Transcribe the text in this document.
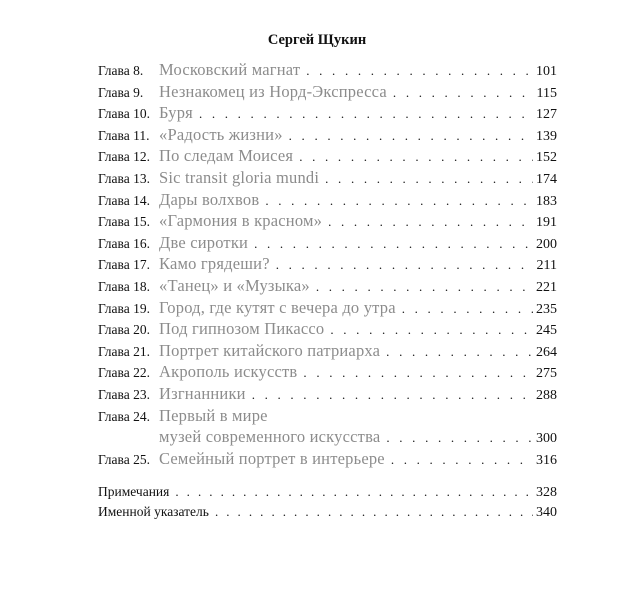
Сергей Щукин
Глава 8. Московский магнат . . .	101
Глава 9. Незнакомец из Норд-Экспресса . . .	115
Глава 10. Буря . . .	127
Глава 11. «Радость жизни» . . .	139
Глава 12. По следам Моисея . . .	152
Глава 13. Sic transit gloria mundi . . .	174
Глава 14. Дары волхвов . . .	183
Глава 15. «Гармония в красном» . . .	191
Глава 16. Две сиротки . . .	200
Глава 17. Камо грядеши? . . .	211
Глава 18. «Танец» и «Музыка» . . .	221
Глава 19. Город, где кутят с вечера до утра . . .	235
Глава 20. Под гипнозом Пикассо . . .	245
Глава 21. Портрет китайского патриарха . . .	264
Глава 22. Акрополь искусств . . .	275
Глава 23. Изгнанники . . .	288
Глава 24. Первый в мире
музей современного искусства . . .	300
Глава 25. Семейный портрет в интерьере . . .	316
Примечания . . .	328
Именной указатель . . .	340
